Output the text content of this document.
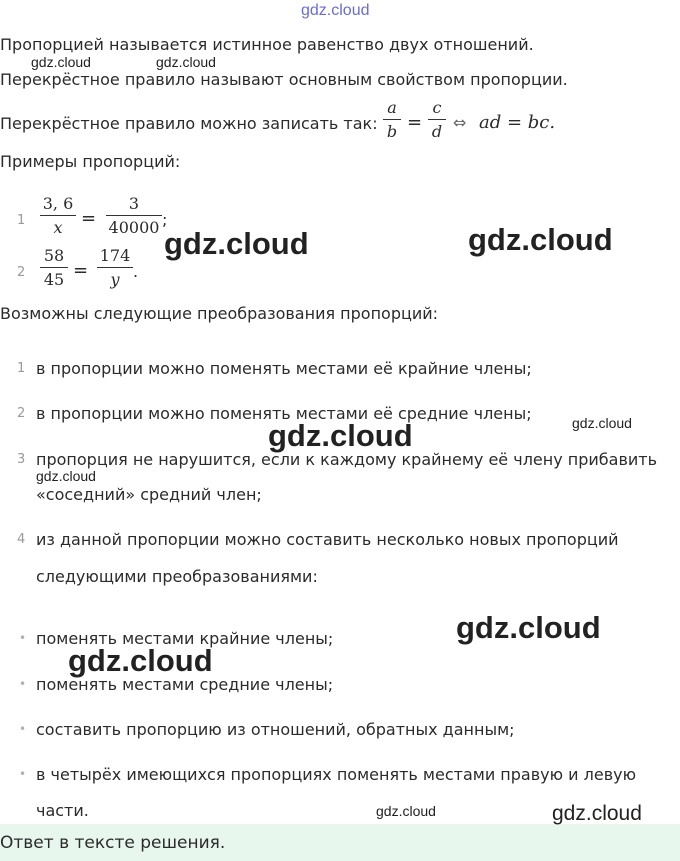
gdz.cloud
Пропорцией называется истинное равенство двух отношений.
Перекрёстное правило называют основным свойством пропорции.
Перекрёстное правило можно записать так:
a
b =
c
d ⇔ ad = bc.
Примеры пропорций:
1
3, 6
x	=
3
40000 ;
2
58
45 =
174
y .
Возможны следующие преобразования пропорций:
1 в пропорции можно поменять местами её крайние члены;
2 в пропорции можно поменять местами её средние члены;
3 пропорция не нарушится, если к каждому крайнему её члену прибавить
«соседний» средний член;
4 из данной пропорции можно составить несколько новых пропорций
следующими преобразованиями:
• поменять местами крайние члены;
• поменять местами средние члены;
• составить пропорцию из отношений, обратных данным;
• в четырёх имеющихся пропорциях поменять местами правую и левую
части.
Ответ в тексте решения.
gdz.cloud	gdz.cloud
gdz.cloud	gdz.cloud
gdz.cloud	gdz.cloud
gdz.cloud
gdz.cloud
gdz.cloud
gdz.cloud	gdz.cloud
